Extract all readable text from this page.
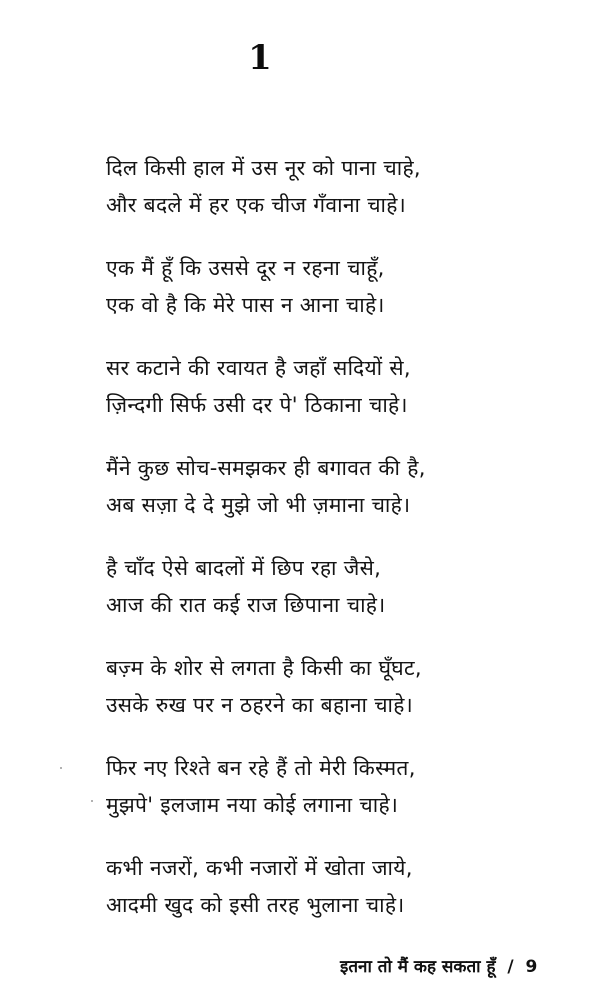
1
दिल किसी हाल में उस नूर को पाना चाहे,
और बदले में हर एक चीज गँवाना चाहे।
एक मैं हूँ कि उससे दूर न रहना चाहूँ,
एक वो है कि मेरे पास न आना चाहे।
सर कटाने की रवायत है जहाँ सदियों से,
ज़िन्दगी सिर्फ उसी दर पे' ठिकाना चाहे।
मैंने कुछ सोच-समझकर ही बगावत की है,
अब सज़ा दे दे मुझे जो भी ज़माना चाहे।
है चाँद ऐसे बादलों में छिप रहा जैसे,
आज की रात कई राज छिपाना चाहे।
बज़्म के शोर से लगता है किसी का घूँघट,
उसके रुख पर न ठहरने का बहाना चाहे।
फिर नए रिश्ते बन रहे हैं तो मेरी किस्मत,
मुझपे' इलजाम नया कोई लगाना चाहे।
कभी नजरों, कभी नजारों में खोता जाये,
आदमी खुद को इसी तरह भुलाना चाहे।
इतना तो मैं कह सकता हूँ / 9
